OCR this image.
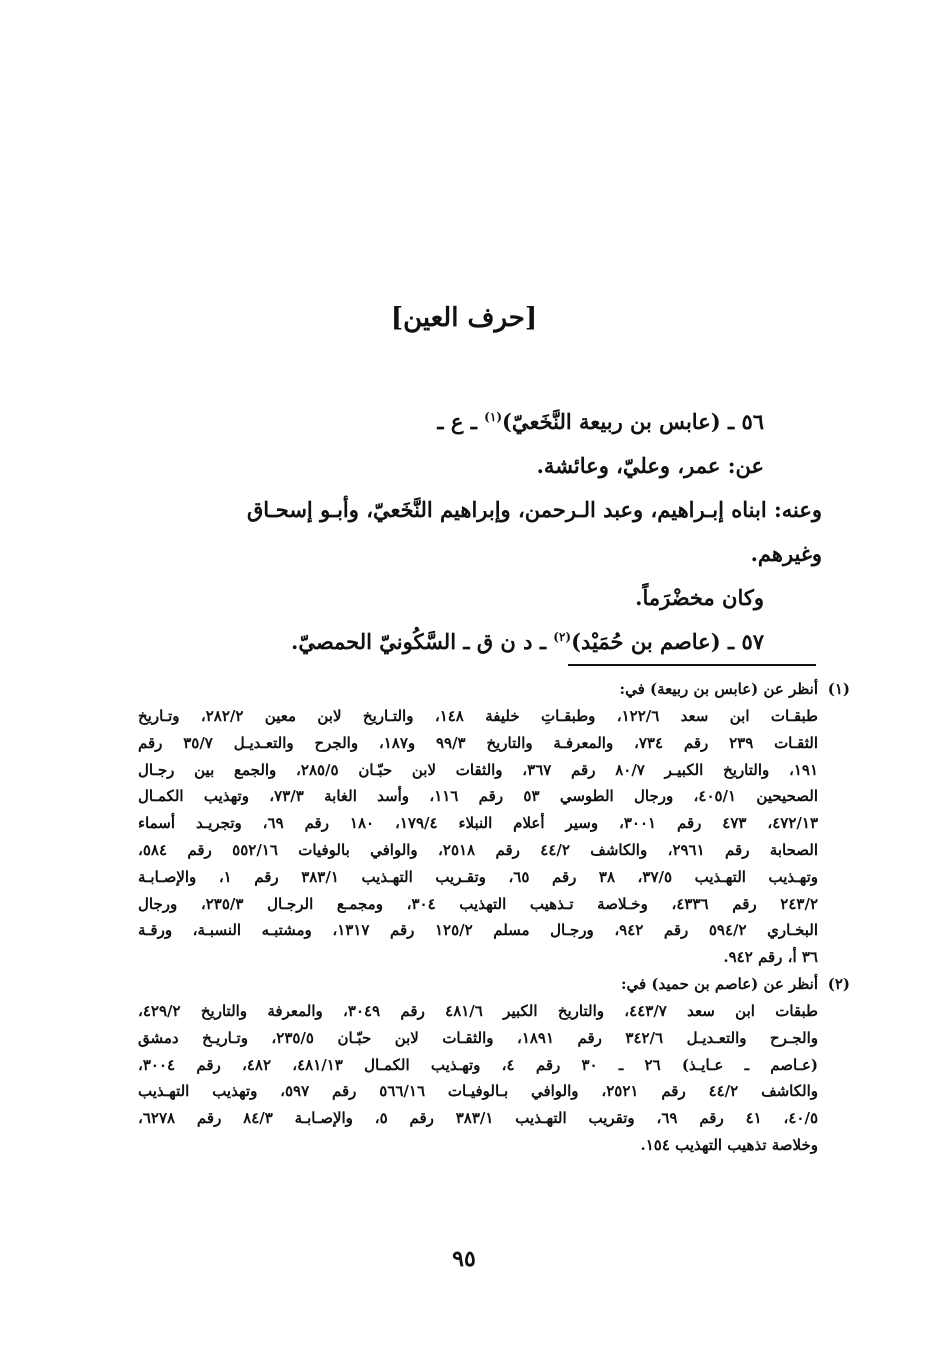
[حرف العين]
٥٦ ـ (عابس بن ربيعة النَّخَعيّ)$^{(١)}$ ـ ع ـ
عن: عمر، وعليّ، وعائشة.
وعنه: ابناه إبـراهيم، وعبد الـرحمن، وإبراهيم النَّخَعيّ، وأبـو إسحـاق
وغيرهم.
وكان مخضْرَماً.
٥٧ ـ (عاصم بن حُمَيْد)$^{(٢)}$ ـ د ن ق ـ السَّكُونيّ الحمصيّ.
(١)
أنظر عن (عابس بن ربيعة) في:
طبقـات ابن سعد ١٢٢/٦، وطبقـاتِ خليفة ١٤٨، والتـاريخ لابن معين ٢٨٢/٢، وتـاريخ
الثقـات ٢٣٩ رقم ٧٣٤، والمعرفـة والتاريخ ٩٩/٣ و١٨٧، والجرح والتعـديـل ٣٥/٧ رقم
١٩١، والتاريخ الكبيـر ٨٠/٧ رقم ٣٦٧، والثقات لابن حبّـان ٢٨٥/٥، والجمع بين رجـال
الصحيحين ٤٠٥/١، ورجال الطوسي ٥٣ رقم ١١٦، وأسد الغابة ٧٣/٣، وتهذيب الكمـال
٤٧٢/١٣، ٤٧٣ رقم ٣٠٠١، وسير أعلام النبلاء ١٧٩/٤، ١٨٠ رقم ٦٩، وتجريـد أسماء
الصحابة رقم ٢٩٦١، والكاشف ٤٤/٢ رقم ٢٥١٨، والوافي بالوفيات ٥٥٢/١٦ رقم ٥٨٤،
وتهـذيب التهـذيب ٣٧/٥، ٣٨ رقم ٦٥، وتقـريب التهـذيب ٣٨٣/١ رقم ١، والإصـابـة
٢٤٣/٢ رقم ٤٣٣٦، وخـلاصة تـذهيب التهذيب ٣٠٤، ومجمـع الرجـال ٢٣٥/٣، ورجال
البخـاري ٥٩٤/٢ رقم ٩٤٢، ورجـال مسلم ١٢٥/٢ رقم ١٣١٧، ومشتبـه النسبـة، ورقـة
٣٦ أ، رقم ٩٤٢.
(٢)
أنظر عن (عاصم بن حميد) في:
طبقات ابن سعد ٤٤٣/٧، والتاريخ الكبير ٤٨١/٦ رقم ٣٠٤٩، والمعرفة والتاريخ ٤٢٩/٢،
والجـرح والتعـديـل ٣٤٢/٦ رقم ١٨٩١، والثقـات لابن حبّـان ٢٣٥/٥، وتـاريـخ دمشق
(عـاصم ـ عـايـذ) ٢٦ ـ ٣٠ رقم ٤، وتهـذيب الكمـال ٤٨١/١٣، ٤٨٢، رقم ٣٠٠٤،
والكاشف ٤٤/٢ رقم ٢٥٢١، والوافي بـالوفيـات ٥٦٦/١٦ رقم ٥٩٧، وتهذيب التهـذيب
٤٠/٥، ٤١ رقم ٦٩، وتقريب التهـذيب ٣٨٣/١ رقم ٥، والإصـابـة ٨٤/٣ رقم ٦٢٧٨،
وخلاصة تذهيب التهذيب ١٥٤.
٩٥
